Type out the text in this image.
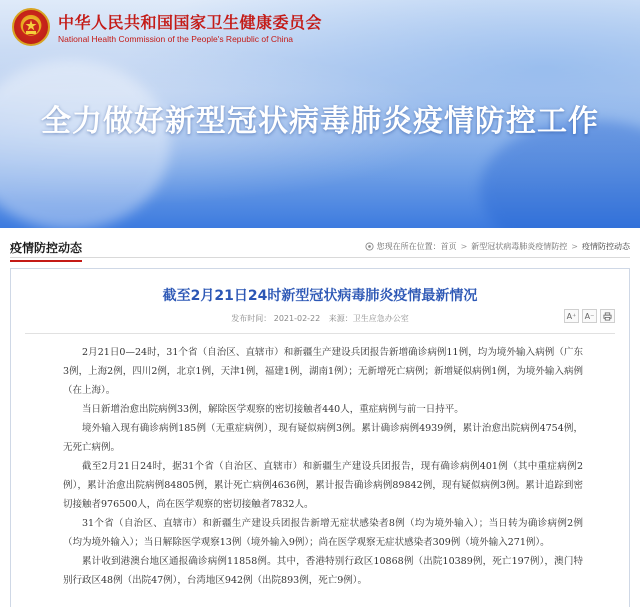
中华人民共和国国家卫生健康委员会
National Health Commission of the People's Republic of China
全力做好新型冠状病毒肺炎疫情防控工作
疫情防控动态	您现在所在位置： 首页 > 新型冠状病毒肺炎疫情防控 > 疫情防控动态
截至2月21日24时新型冠状病毒肺炎疫情最新情况
发布时间： 2021-02-22 来源：卫生应急办公室	A⁺	A⁻

2月21日0—24时，31个省（自治区、直辖市）和新疆生产建设兵团报告新增确诊病例11例，均为境外输入病例（广东3例，上海2例，四川2例，北京1例，天津1例，福建1例，湖南1例）；无新增死亡病例；新增疑似病例1例，为境外输入病例（在上海）。

当日新增治愈出院病例33例，解除医学观察的密切接触者440人，重症病例与前一日持平。

境外输入现有确诊病例185例（无重症病例），现有疑似病例3例。累计确诊病例4939例，累计治愈出院病例4754例，无死亡病例。

截至2月21日24时，据31个省（自治区、直辖市）和新疆生产建设兵团报告，现有确诊病例401例（其中重症病例2例），累计治愈出院病例84805例，累计死亡病例4636例，累计报告确诊病例89842例，现有疑似病例3例。累计追踪到密切接触者976500人，尚在医学观察的密切接触者7832人。

31个省（自治区、直辖市）和新疆生产建设兵团报告新增无症状感染者8例（均为境外输入）；当日转为确诊病例2例（均为境外输入）；当日解除医学观察13例（境外输入9例）；尚在医学观察无症状感染者309例（境外输入271例）。

累计收到港澳台地区通报确诊病例11858例。其中，香港特别行政区10868例（出院10389例，死亡197例），澳门特别行政区48例（出院47例），台湾地区942例（出院893例，死亡9例）。
